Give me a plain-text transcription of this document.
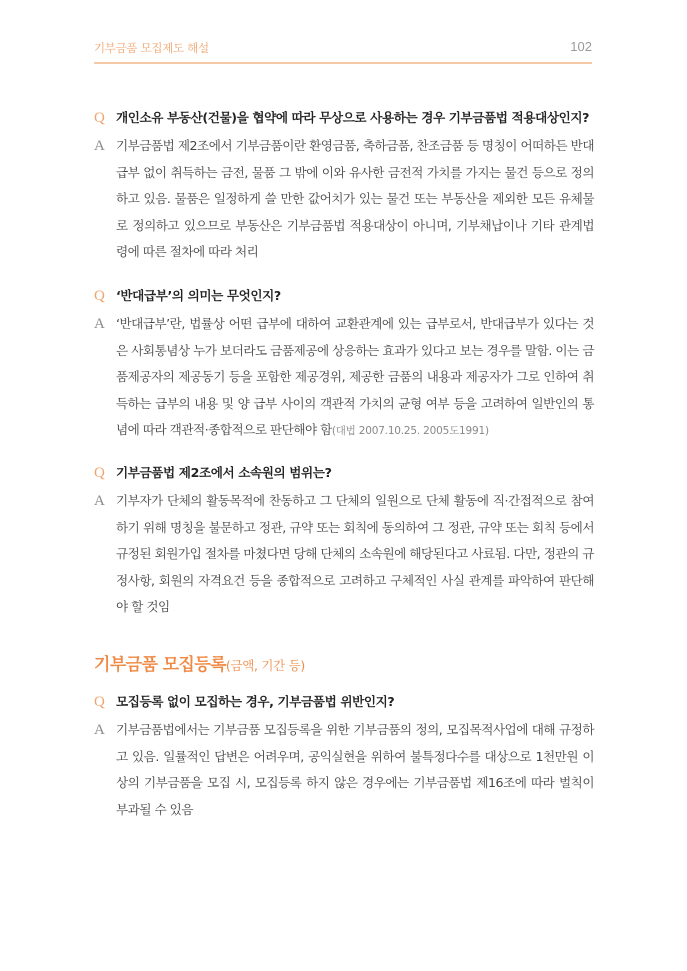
기부금품 모집제도 해설	102
Q 개인소유 부동산(건물)을 협약에 따라 무상으로 사용하는 경우 기부금품법 적용대상인지?
A 기부금품법 제2조에서 기부금품이란 환영금품, 축하금품, 찬조금품 등 명칭이 어떠하든 반대급부 없이 취득하는 금전, 물품 그 밖에 이와 유사한 금전적 가치를 가지는 물건 등으로 정의하고 있음. 물품은 일정하게 쓸 만한 값어치가 있는 물건 또는 부동산을 제외한 모든 유체물로 정의하고 있으므로 부동산은 기부금품법 적용대상이 아니며, 기부채납이나 기타 관계법령에 따른 절차에 따라 처리
Q ‘반대급부’의 의미는 무엇인지?
A ‘반대급부’란, 법률상 어떤 급부에 대하여 교환관계에 있는 급부로서, 반대급부가 있다는 것은 사회통념상 누가 보더라도 금품제공에 상응하는 효과가 있다고 보는 경우를 말함. 이는 금품제공자의 제공동기 등을 포함한 제공경위, 제공한 금품의 내용과 제공자가 그로 인하여 취득하는 급부의 내용 및 양 급부 사이의 객관적 가치의 균형 여부 등을 고려하여 일반인의 통념에 따라 객관적·종합적으로 판단해야 함(대법 2007.10.25. 2005도1991)
Q 기부금품법 제2조에서 소속원의 범위는?
A 기부자가 단체의 활동목적에 찬동하고 그 단체의 일원으로 단체 활동에 직·간접적으로 참여하기 위해 명칭을 불문하고 정관, 규약 또는 회칙에 동의하여 그 정관, 규약 또는 회칙 등에서 규정된 회원가입 절차를 마쳤다면 당해 단체의 소속원에 해당된다고 사료됨. 다만, 정관의 규정사항, 회원의 자격요건 등을 종합적으로 고려하고 구체적인 사실 관계를 파악하여 판단해야 할 것임
기부금품 모집등록(금액, 기간 등)
Q 모집등록 없이 모집하는 경우, 기부금품법 위반인지?
A 기부금품법에서는 기부금품 모집등록을 위한 기부금품의 정의, 모집목적사업에 대해 규정하고 있음. 일률적인 답변은 어려우며, 공익실현을 위하여 불특정다수를 대상으로 1천만원 이상의 기부금품을 모집 시, 모집등록 하지 않은 경우에는 기부금품법 제16조에 따라 벌칙이 부과될 수 있음
